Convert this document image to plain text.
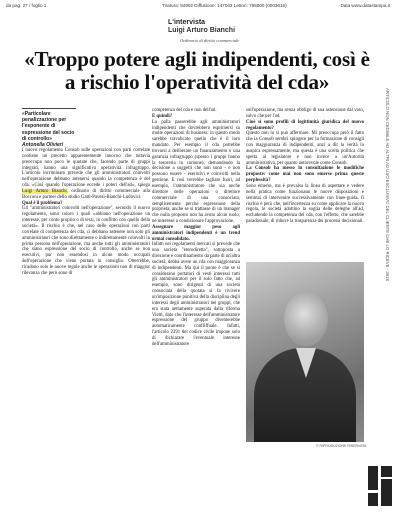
da pag. 27 / foglio 1	Tiratura: 94902 Diffusione: 147043 Lettori: 765000 (0003616)	Data www.datastampa.it
L'intervista
Luigi Arturo Bianchi
Ordinario di diritto commerciale
«Troppo potere agli indipendenti, così è a rischio l'operatività del cda»
«Particolare penalizzazione per l'esponente di espressione del socio di controllo»
Antonella Olivieri

I nuovo regolamento Consob sulle operazioni con parti correlate contiene un precetto apparentemente innocuo che tuttavia preoccupa non poco le quotate che, facendo parte di gruppi integrati, hanno una significativa operatività infragruppo. L'articolo incriminato prevede che gli amministratori coinvolti nell'operazione debbano astenersi quando la competenza è del cda. «Così quando l'operazione eccede i poteri dell'ad», spiega Luigi Arturo Bianchi, ordinario di diritto commerciale alla Bocconi e partner dello studio Gatti-Pavesi-Bianchi-Ludovici.

Qual è il problema?

Gli "amministratori coinvolti nell'operazione", secondo il nuovo regolamento, sono coloro i quali «abbiano nell'operazione un interesse, per conto proprio o di terzi, in conflitto con quello della società». Il rischio è che, nel caso delle operazioni con parti correlate di competenza del cda, ci debbano astenere non solo gli amministratori che sono direttamente o indirettamente coinvolti in prima persona nell'operazione, ma anche tutti gli amministratori che siano espressione del socio di controllo, anche se non esecutivi, pur non essendosi in alcun modo occupati dell'operazione che viene portata in consiglio. Otterrebbe, ricadono solo le nuove regole anche le operazioni non di maggior rilevanza che però sono di

competenza del cda e non dell'ad.

E quindi?

La palla passerebbe agli amministratori indipendenti che dovrebbero esprimersi su molte operazioni di business: in questo modo sarebbe travalicato quello che è il loro mandato. Per esempio il cda potrebbe trovarsi a deliberare un finanziamento o una garanzia infragruppo (spesso i gruppi hanno la tesoreria in comune), demandando la decisione a soggetti che non sono - e non possono essere - esecutivi e coinvolti nella gestione. E così verrebbe tagliato fuori, ad esempio, l'amministratore che sia anche direttore delle operazioni o direttore commerciale di una consociata, semplicemente perché espressione della proprietà, anche se si trattasse di un manager che nulla proposto non ha avuto alcun ruolo, né interesse a condizionare l'approvazione.

Assegnare maggior peso agli amministratori indipendenti è un trend ormai consolidato.

Infatti nei regolamenti mercati si prevede che una società "eterodiretta", sottoposta a direzione e coordinamento da parte di un'altra società, debba avere un cda con maggioranza di indipendenti. Ma qui il punto è che se si considerano portatori di vesti interessi tutti gli amministratori per il solo fatto che, ad esempio, sono dirigenti di una società consociata della quotata si fa rivivere un'imposizione punitiva della disciplina degli interessi degli amministratori nei gruppi, che era stata nettamente superata dalla riforma Vietti, dato che l'interesse dell'amministratore espressione del gruppo diventerebbe automaticamente confliffuale. Infatti, l'articolo 2391 del codice civile impone solo di dichiarare l'eventuale interesse dell'amministratore

sull'operazione, ma senza obbligo di sua astensione dal voto, salvo che per l'ad.

Cioè si sono profili di legittimità giuridica del nuovo regolamento?

Questo non lo si può affermare. Mi preoccupa però il fatto che la Consob sembri spingere per la formazione di consigli con maggioranza di indipendenti, anzi a dir la verità lo auspica espressamente, ma questa è una scelta politica che spetta al legislatore e non invece a un'Autorità amministrativa, per quanto autorevole come Consob.

La Consob ha messo in consultazione le modifiche proposte: come mai non sono emerse prima queste perplessità?

Sono emerse, ma è prevalsa la linea di aspettare e vedere nella pratica come funzionano le nuove disposizioni e semmai di intervenire successivamente con linee-guida. Il rischio è però che, nell'incertezza su come applicare la nuova regola, le società adottino la soglia delle deleghe all'ad, escludendo la competenza del cda, con l'effetto, che sarebbe paradossale, di ridurre la trasparenza dei processi decisionali.

© RIPRODUZIONE RISERVATA
ARTICOLO NON CEDIBILE AD ALTRI AD USO ESCLUSIVO DEL CLIENTE CHE LO RICEVE - 3618
